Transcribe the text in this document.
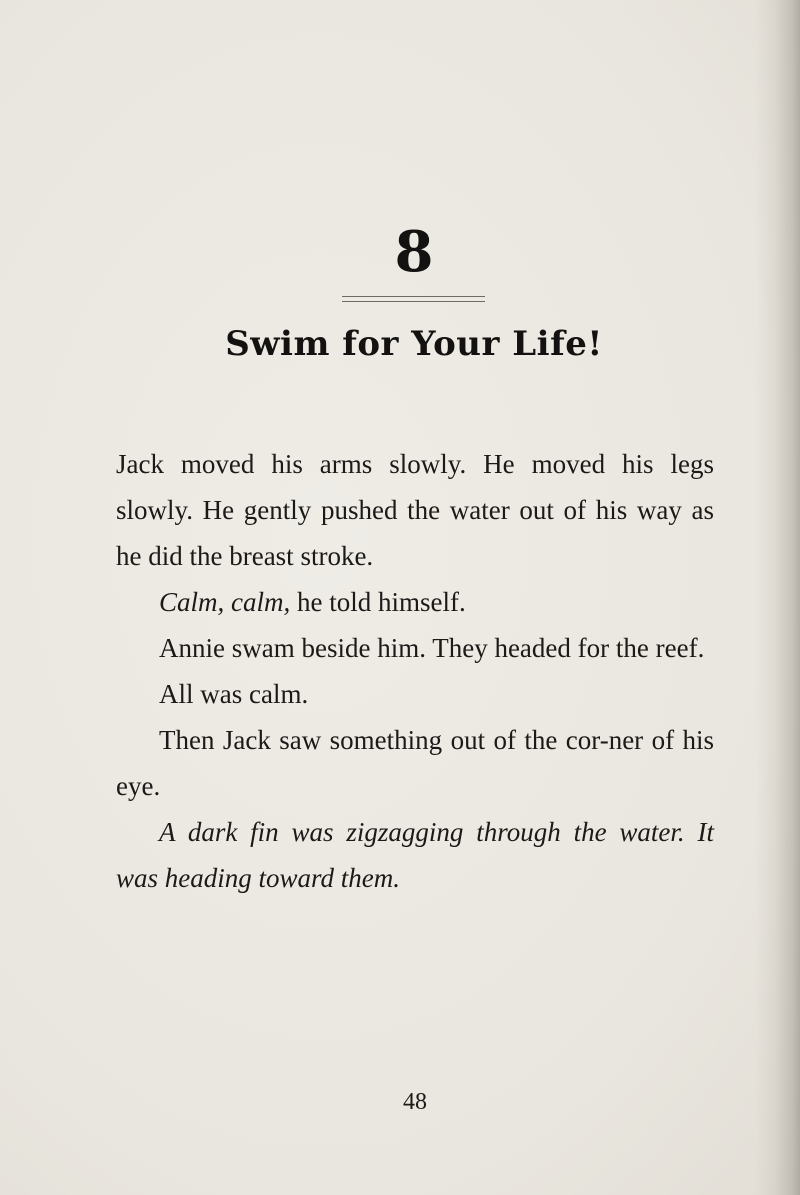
8
Swim for Your Life!

Jack moved his arms slowly. He moved his legs slowly. He gently pushed the water out of his way as he did the breast stroke.

Calm, calm, he told himself.

Annie swam beside him. They headed for the reef.

All was calm.

Then Jack saw something out of the cor-ner of his eye.

A dark fin was zigzagging through the water. It was heading toward them.

48
